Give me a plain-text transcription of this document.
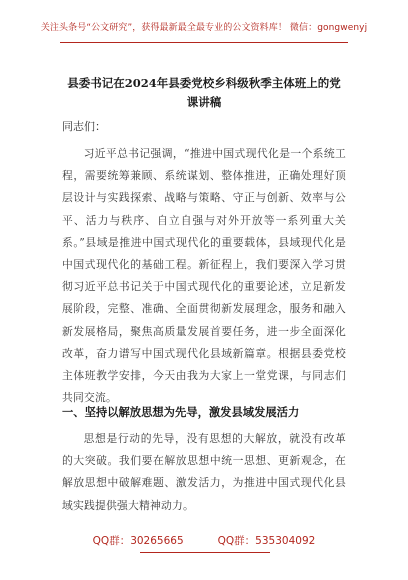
关注头条号“公文研究”，获得最新最全最专业的公文资料库！ 微信：gongwenyj
县委书记在2024年县委党校乡科级秋季主体班上的党课讲稿
同志们：

习近平总书记强调，“推进中国式现代化是一个系统工程，需要统筹兼顾、系统谋划、整体推进，正确处理好顶层设计与实践探索、战略与策略、守正与创新、效率与公平、活力与秩序、自立自强与对外开放等一系列重大关系。”县域是推进中国式现代化的重要载体，县域现代化是中国式现代化的基础工程。新征程上，我们要深入学习贯彻习近平总书记关于中国式现代化的重要论述，立足新发展阶段，完整、准确、全面贯彻新发展理念，服务和融入新发展格局，聚焦高质量发展首要任务，进一步全面深化改革，奋力谱写中国式现代化县域新篇章。根据县委党校主体班教学安排，今天由我为大家上一堂党课，与同志们共同交流。

一、坚持以解放思想为先导，激发县域发展活力

思想是行动的先导，没有思想的大解放，就没有改革的大突破。我们要在解放思想中统一思想、更新观念，在解放思想中破解难题、激发活力，为推进中国式现代化县域实践提供强大精神动力。

QQ群：30265665	QQ群：535304092
